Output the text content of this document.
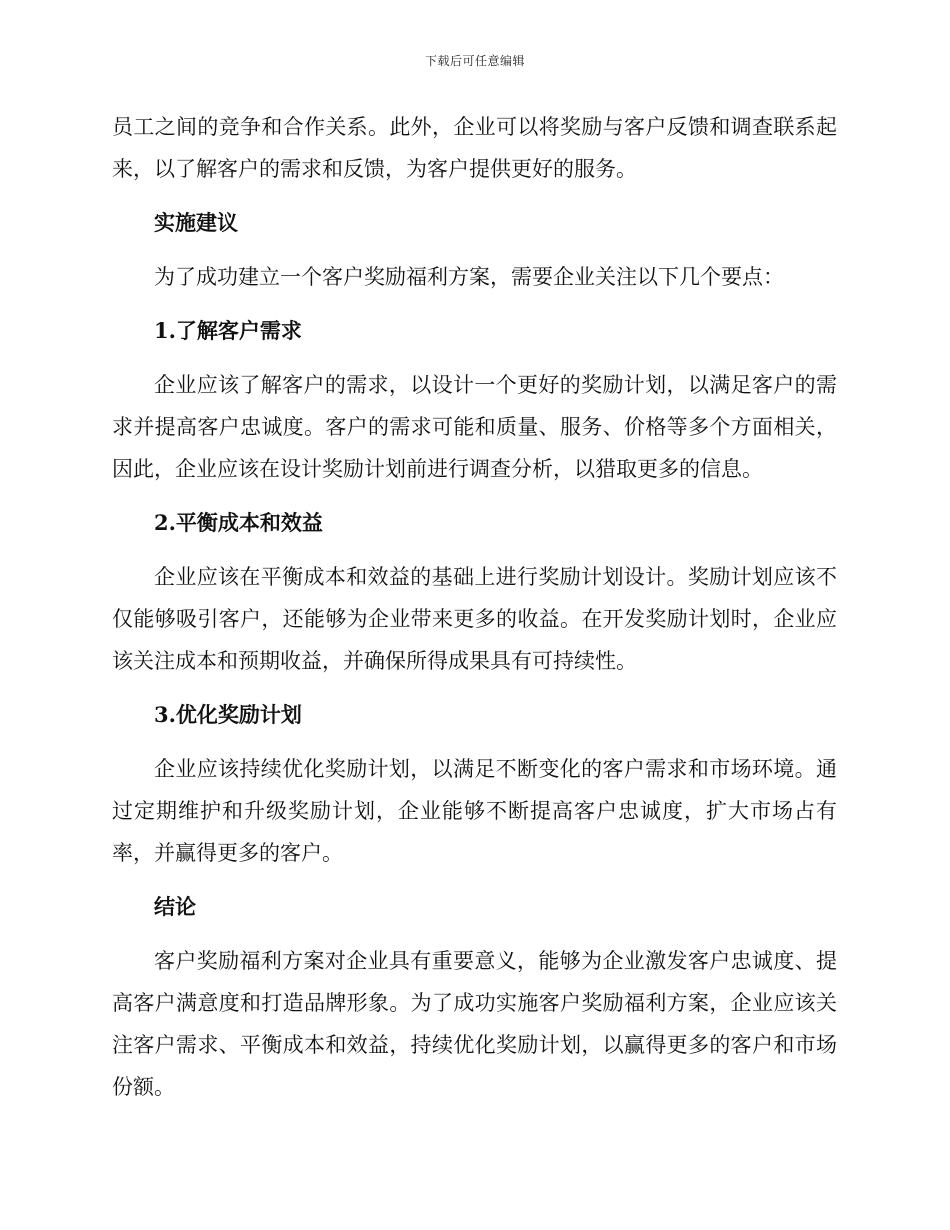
下载后可任意编辑

员工之间的竞争和合作关系。此外，企业可以将奖励与客户反馈和调查联系起来，以了解客户的需求和反馈，为客户提供更好的服务。

实施建议

为了成功建立一个客户奖励福利方案，需要企业关注以下几个要点：

1.了解客户需求

企业应该了解客户的需求，以设计一个更好的奖励计划，以满足客户的需求并提高客户忠诚度。客户的需求可能和质量、服务、价格等多个方面相关，因此，企业应该在设计奖励计划前进行调查分析，以猎取更多的信息。

2.平衡成本和效益

企业应该在平衡成本和效益的基础上进行奖励计划设计。奖励计划应该不仅能够吸引客户，还能够为企业带来更多的收益。在开发奖励计划时，企业应该关注成本和预期收益，并确保所得成果具有可持续性。

3.优化奖励计划

企业应该持续优化奖励计划，以满足不断变化的客户需求和市场环境。通过定期维护和升级奖励计划，企业能够不断提高客户忠诚度，扩大市场占有率，并赢得更多的客户。

结论

客户奖励福利方案对企业具有重要意义，能够为企业激发客户忠诚度、提高客户满意度和打造品牌形象。为了成功实施客户奖励福利方案，企业应该关注客户需求、平衡成本和效益，持续优化奖励计划，以赢得更多的客户和市场份额。
